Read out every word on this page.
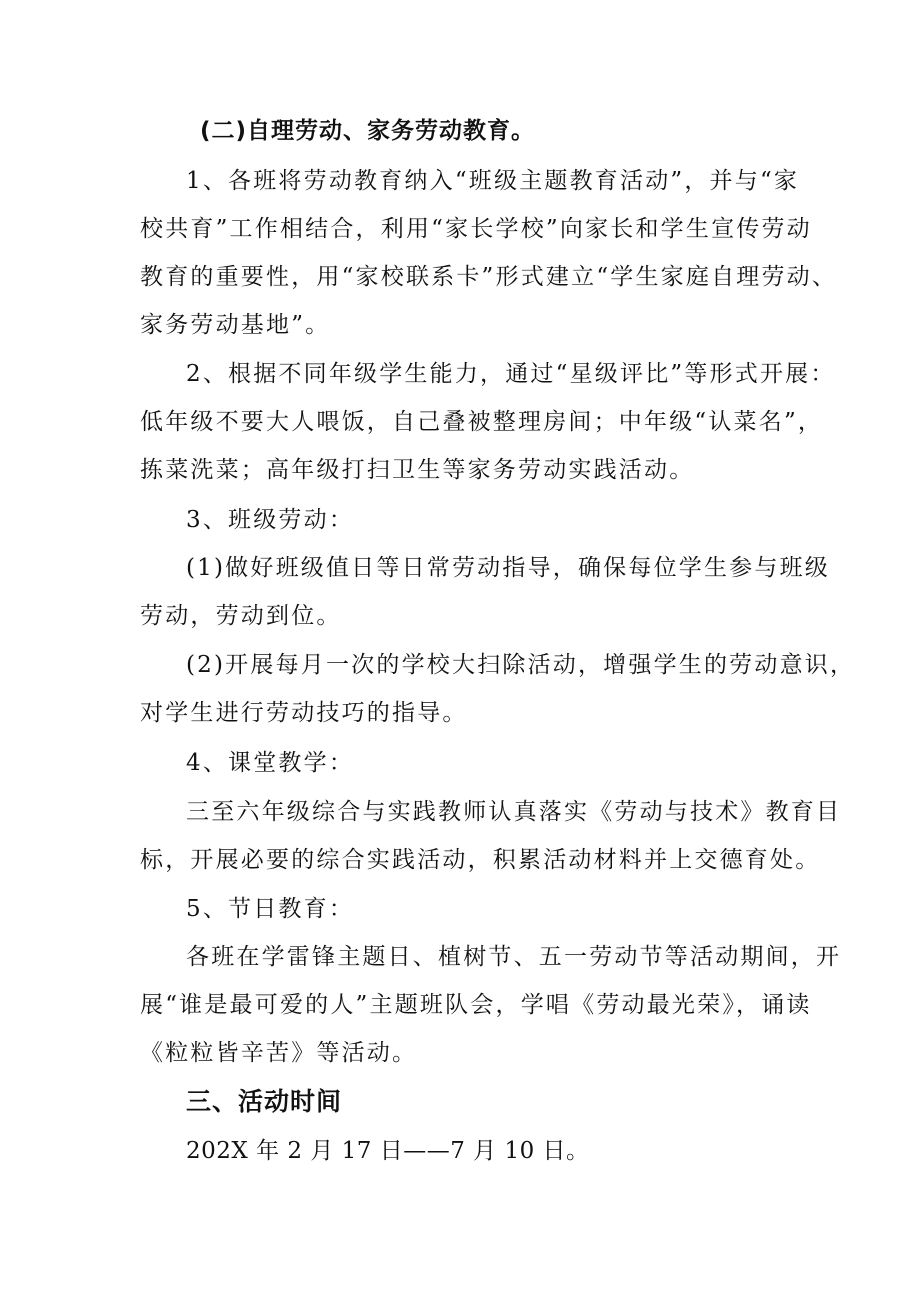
(二)自理劳动、家务劳动教育。
1、各班将劳动教育纳入“班级主题教育活动”，并与“家
校共育”工作相结合，利用“家长学校”向家长和学生宣传劳动
教育的重要性，用“家校联系卡”形式建立“学生家庭自理劳动、
家务劳动基地”。
2、根据不同年级学生能力，通过“星级评比”等形式开展：
低年级不要大人喂饭，自己叠被整理房间；中年级“认菜名”，
拣菜洗菜；高年级打扫卫生等家务劳动实践活动。
3、班级劳动：
(1)做好班级值日等日常劳动指导，确保每位学生参与班级
劳动，劳动到位。
(2)开展每月一次的学校大扫除活动，增强学生的劳动意识，
对学生进行劳动技巧的指导。
4、课堂教学：
三至六年级综合与实践教师认真落实《劳动与技术》教育目
标，开展必要的综合实践活动，积累活动材料并上交德育处。
5、节日教育：
各班在学雷锋主题日、植树节、五一劳动节等活动期间，开
展“谁是最可爱的人”主题班队会，学唱《劳动最光荣》，诵读
《粒粒皆辛苦》等活动。
三、活动时间
202X 年 2 月 17 日——7 月 10 日。
